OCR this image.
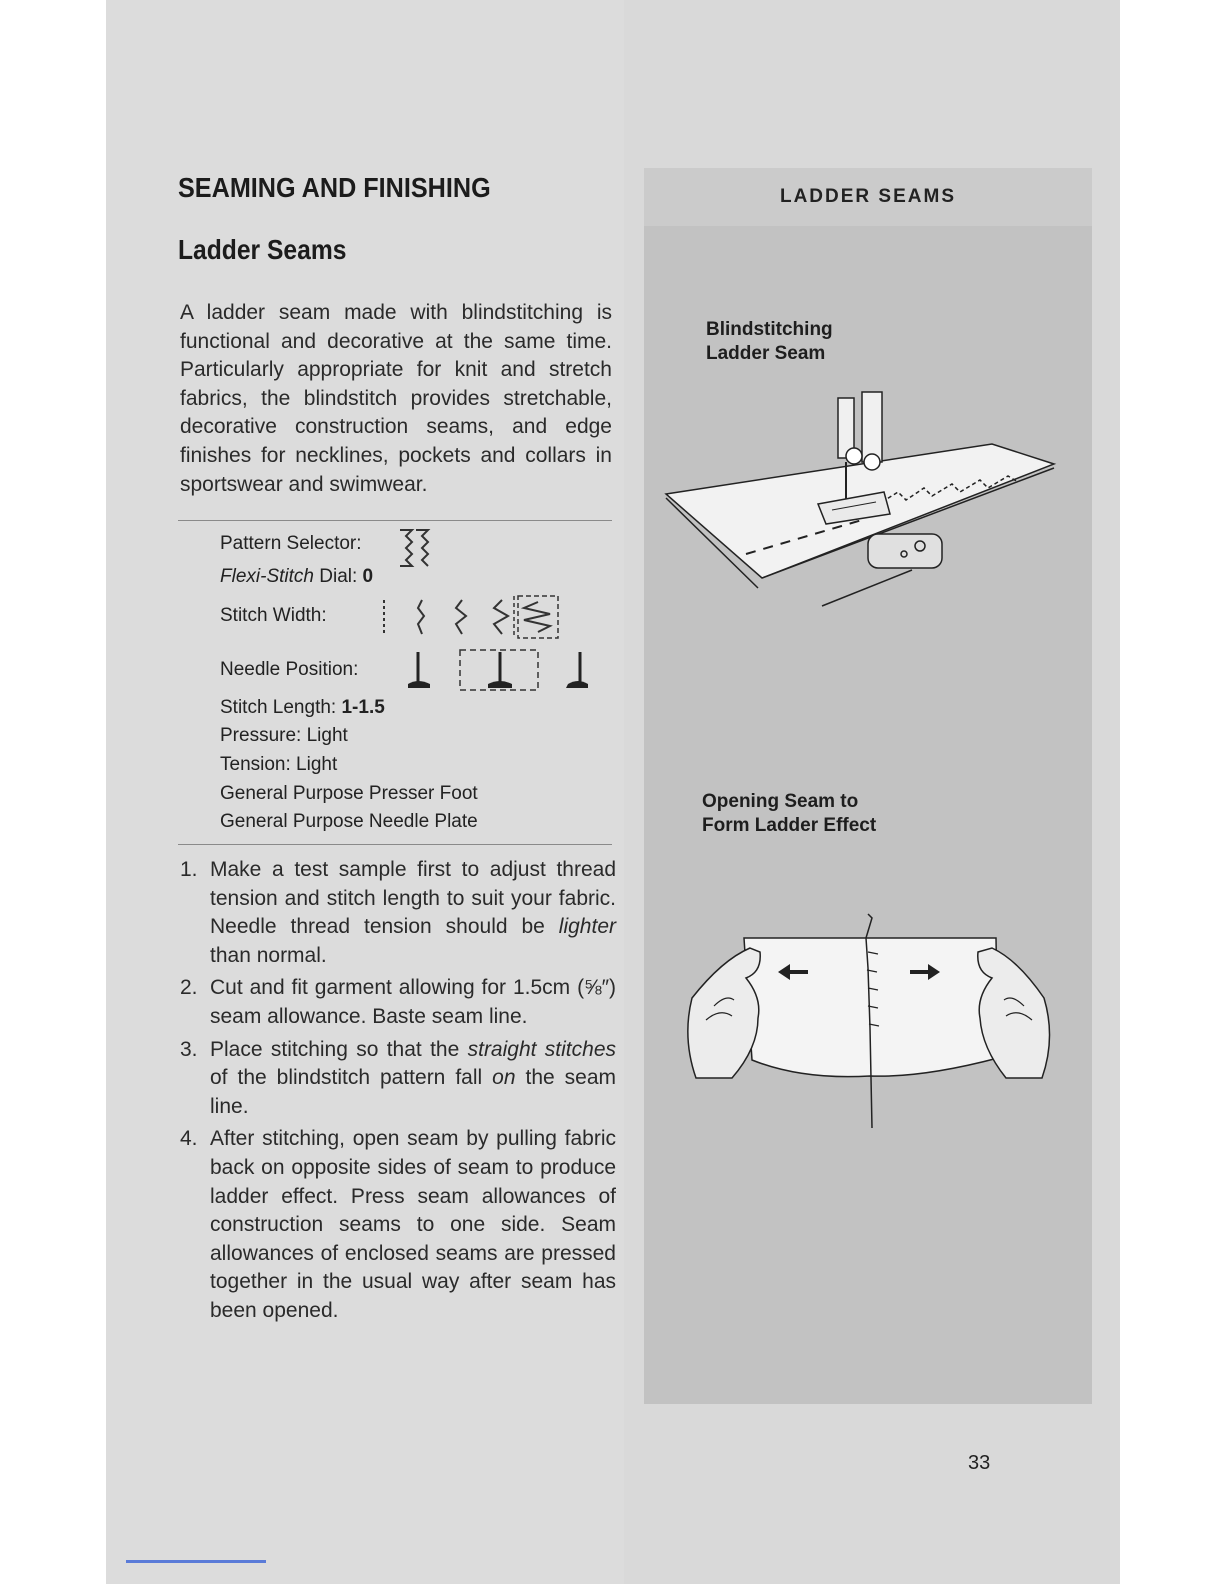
SEAMING AND FINISHING
Ladder Seams

A ladder seam made with blindstitching is functional and decorative at the same time. Particularly appropriate for knit and stretch fabrics, the blindstitch provides stretchable, decorative construction seams, and edge finishes for necklines, pockets and collars in sportswear and swimwear.

Pattern Selector:
Flexi-Stitch Dial: 0
Stitch Width:
Needle Position:
Stitch Length: 1-1.5
Pressure: Light
Tension: Light
General Purpose Presser Foot
General Purpose Needle Plate
1. Make a test sample first to adjust thread tension and stitch length to suit your fabric. Needle thread tension should be lighter than normal.
2. Cut and fit garment allowing for 1.5cm (⅝″) seam allowance. Baste seam line.
3. Place stitching so that the straight stitches of the blindstitch pattern fall on the seam line.
4. After stitching, open seam by pulling fabric back on opposite sides of seam to produce ladder effect. Press seam allowances of construction seams to one side. Seam allowances of enclosed seams are pressed together in the usual way after seam has been opened.
LADDER SEAMS
Blindstitching
Ladder Seam
Opening Seam to
Form Ladder Effect
33
